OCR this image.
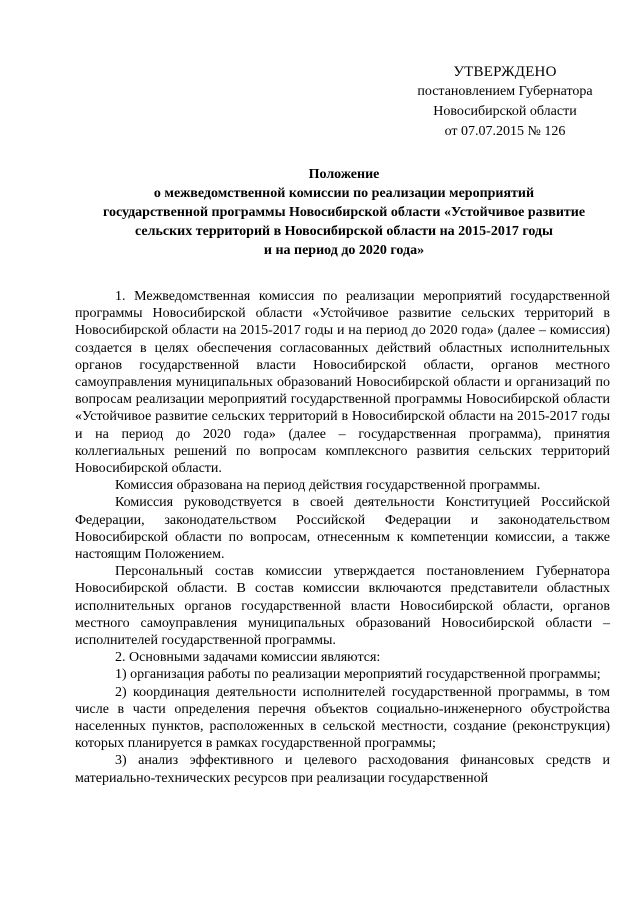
УТВЕРЖДЕНО
постановлением Губернатора
Новосибирской области
от 07.07.2015 № 126
Положение
о межведомственной комиссии по реализации мероприятий
государственной программы Новосибирской области «Устойчивое развитие
сельских территорий в Новосибирской области на 2015-2017 годы
и на период до 2020 года»

1. Межведомственная комиссия по реализации мероприятий государственной программы Новосибирской области «Устойчивое развитие сельских территорий в Новосибирской области на 2015-2017 годы и на период до 2020 года» (далее – комиссия) создается в целях обеспечения согласованных действий областных исполнительных органов государственной власти Новосибирской области, органов местного самоуправления муниципальных образований Новосибирской области и организаций по вопросам реализации мероприятий государственной программы Новосибирской области «Устойчивое развитие сельских территорий в Новосибирской области на 2015-2017 годы и на период до 2020 года» (далее – государственная программа), принятия коллегиальных решений по вопросам комплексного развития сельских территорий Новосибирской области.

Комиссия образована на период действия государственной программы.

Комиссия руководствуется в своей деятельности Конституцией Российской Федерации, законодательством Российской Федерации и законодательством Новосибирской области по вопросам, отнесенным к компетенции комиссии, а также настоящим Положением.

Персональный состав комиссии утверждается постановлением Губернатора Новосибирской области. В состав комиссии включаются представители областных исполнительных органов государственной власти Новосибирской области, органов местного самоуправления муниципальных образований Новосибирской области – исполнителей государственной программы.

2. Основными задачами комиссии являются:

1) организация работы по реализации мероприятий государственной программы;

2) координация деятельности исполнителей государственной программы, в том числе в части определения перечня объектов социально-инженерного обустройства населенных пунктов, расположенных в сельской местности, создание (реконструкция) которых планируется в рамках государственной программы;

3) анализ эффективного и целевого расходования финансовых средств и материально-технических ресурсов при реализации государственной
